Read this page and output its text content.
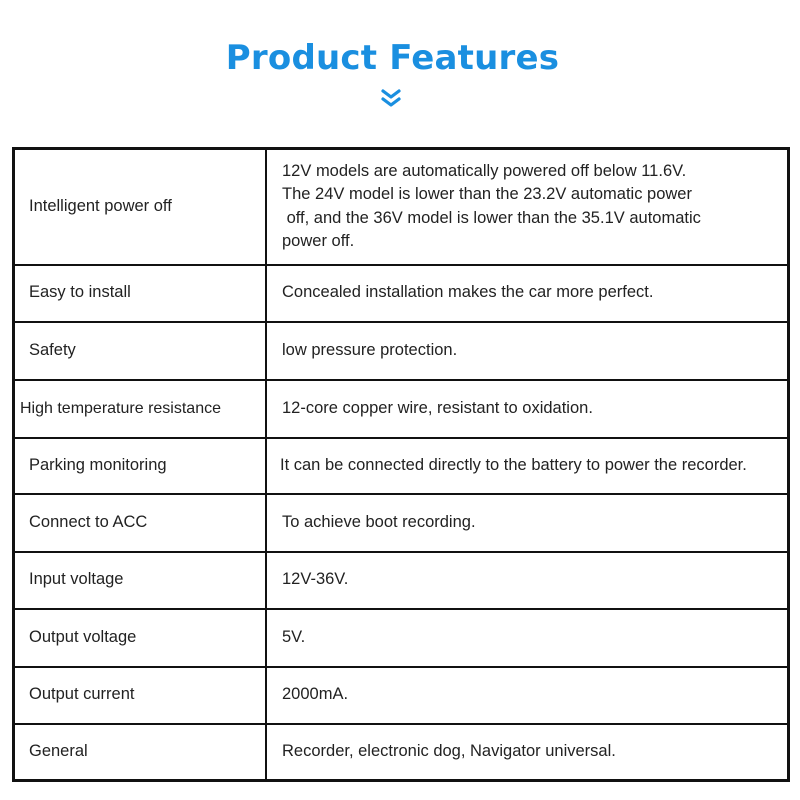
Product Features
Intelligent power off	12V models are automatically powered off below 11.6V.
The 24V model is lower than the 23.2V automatic power
off, and the 36V model is lower than the 35.1V automatic
power off.

Easy to install	Concealed installation makes the car more perfect.

Safety	low pressure protection.

High temperature resistance	12-core copper wire, resistant to oxidation.

Parking monitoring	It can be connected directly to the battery to power the recorder.

Connect to ACC	To achieve boot recording.

Input voltage	12V-36V.

Output voltage	5V.

Output current	2000mA.

General	Recorder, electronic dog, Navigator universal.
